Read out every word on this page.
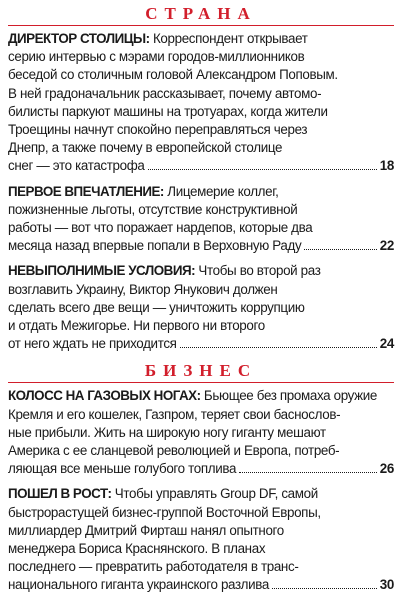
СТРАНА
ДИРЕКТОР СТОЛИЦЫ: Корреспондент открывает
серию интервью с мэрами городов-миллионников
беседой со столичным головой Александром Поповым.
В ней градоначальник рассказывает, почему автомо-
билисты паркуют машины на тротуарах, когда жители
Троещины начнут спокойно переправляться через
Днепр, а также почему в европейской столице
снег — это катастрофа	18
ПЕРВОЕ ВПЕЧАТЛЕНИЕ: Лицемерие коллег,
пожизненные льготы, отсутствие конструктивной
работы — вот что поражает нардепов, которые два
месяца назад впервые попали в Верховную Раду	22
НЕВЫПОЛНИМЫЕ УСЛОВИЯ: Чтобы во второй раз
возглавить Украину, Виктор Янукович должен
сделать всего две вещи — уничтожить коррупцию
и отдать Межигорье. Ни первого ни второго
от него ждать не приходится	24
БИЗНЕС
КОЛОСС НА ГАЗОВЫХ НОГАХ: Бьющее без промаха оружие
Кремля и его кошелек, Газпром, теряет свои баснослов-
ные прибыли. Жить на широкую ногу гиганту мешают
Америка с ее сланцевой революцией и Европа, потреб-
ляющая все меньше голубого топлива	26
ПОШЕЛ В РОСТ: Чтобы управлять Group DF, самой
быстрорастущей бизнес-группой Восточной Европы,
миллиардер Дмитрий Фирташ нанял опытного
менеджера Бориса Краснянского. В планах
последнего — превратить работодателя в транс-
национального гиганта украинского разлива	30
